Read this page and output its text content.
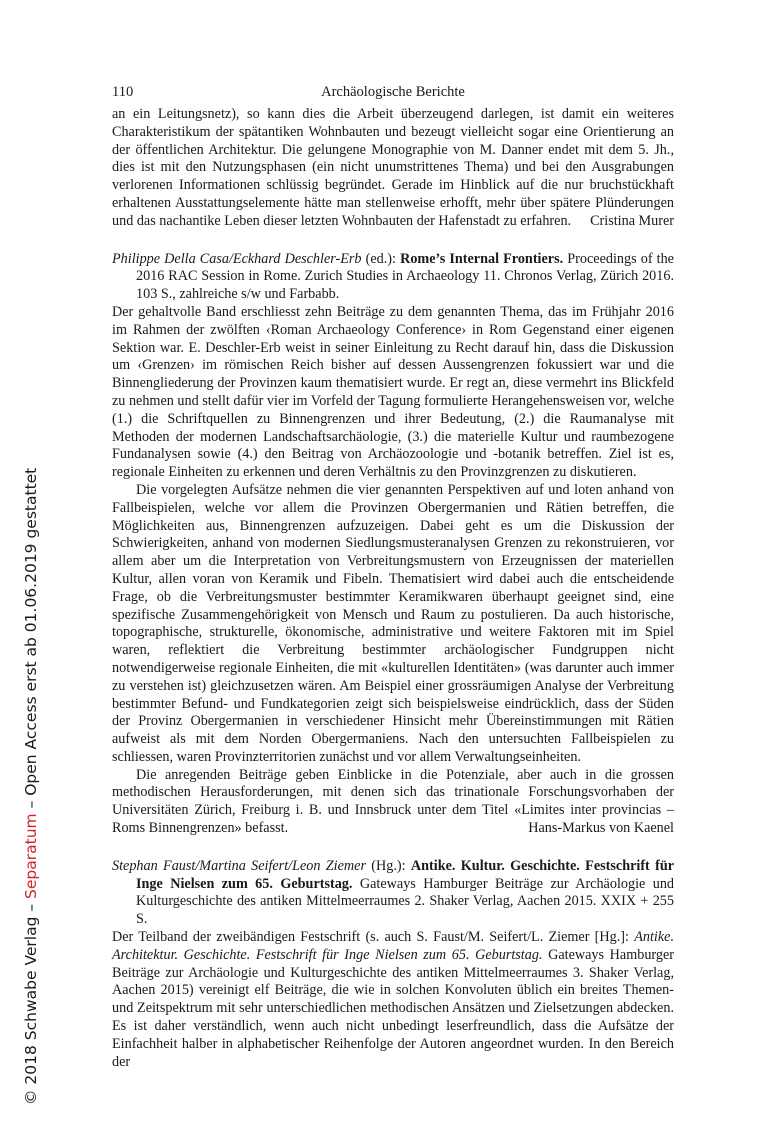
110	Archäologische Berichte

an ein Leitungsnetz), so kann dies die Arbeit überzeugend darlegen, ist damit ein weiteres Charakteristikum der spätantiken Wohnbauten und bezeugt vielleicht sogar eine Orientierung an der öffentlichen Architektur. Die gelungene Monographie von M. Danner endet mit dem 5. Jh., dies ist mit den Nutzungsphasen (ein nicht unumstrittenes Thema) und bei den Ausgrabungen verlorenen Informationen schlüssig begründet. Gerade im Hinblick auf die nur bruchstückhaft erhaltenen Ausstattungselemente hätte man stellenweise erhofft, mehr über spätere Plünderungen und das nachantike Leben dieser letzten Wohnbauten der Hafenstadt zu erfahren. Cristina Murer

Philippe Della Casa/Eckhard Deschler-Erb (ed.): Rome’s Internal Frontiers. Proceedings of the 2016 RAC Session in Rome. Zurich Studies in Archaeology 11. Chronos Verlag, Zürich 2016. 103 S., zahlreiche s/w und Farbabb.

Der gehaltvolle Band erschliesst zehn Beiträge zu dem genannten Thema, das im Frühjahr 2016 im Rahmen der zwölften ‹Roman Archaeology Conference› in Rom Gegenstand einer eigenen Sektion war. E. Deschler-Erb weist in seiner Einleitung zu Recht darauf hin, dass die Diskussion um ‹Grenzen› im römischen Reich bisher auf dessen Aussengrenzen fokussiert war und die Binnengliederung der Provinzen kaum thematisiert wurde. Er regt an, diese vermehrt ins Blickfeld zu nehmen und stellt dafür vier im Vorfeld der Tagung formulierte Herangehensweisen vor, welche (1.) die Schriftquellen zu Binnengrenzen und ihrer Bedeutung, (2.) die Raumanalyse mit Methoden der modernen Landschaftsarchäologie, (3.) die materielle Kultur und raumbezogene Fundanalysen sowie (4.) den Beitrag von Archäozoologie und -botanik betreffen. Ziel ist es, regionale Einheiten zu erkennen und deren Verhältnis zu den Provinzgrenzen zu diskutieren.

Die vorgelegten Aufsätze nehmen die vier genannten Perspektiven auf und loten anhand von Fallbeispielen, welche vor allem die Provinzen Obergermanien und Rätien betreffen, die Möglichkeiten aus, Binnengrenzen aufzuzeigen. Dabei geht es um die Diskussion der Schwierigkeiten, anhand von modernen Siedlungsmusteranalysen Grenzen zu rekonstruieren, vor allem aber um die Interpretation von Verbreitungsmustern von Erzeugnissen der materiellen Kultur, allen voran von Keramik und Fibeln. Thematisiert wird dabei auch die entscheidende Frage, ob die Verbreitungsmuster bestimmter Keramikwaren überhaupt geeignet sind, eine spezifische Zusammengehörigkeit von Mensch und Raum zu postulieren. Da auch historische, topographische, strukturelle, ökonomische, administrative und weitere Faktoren mit im Spiel waren, reflektiert die Verbreitung bestimmter archäologischer Fundgruppen nicht notwendigerweise regionale Einheiten, die mit «kulturellen Identitäten» (was darunter auch immer zu verstehen ist) gleichzusetzen wären. Am Beispiel einer grossräumigen Analyse der Verbreitung bestimmter Befund- und Fundkategorien zeigt sich beispielsweise eindrücklich, dass der Süden der Provinz Obergermanien in verschiedener Hinsicht mehr Übereinstimmungen mit Rätien aufweist als mit dem Norden Obergermaniens. Nach den untersuchten Fallbeispielen zu schliessen, waren Provinzterritorien zunächst und vor allem Verwaltungseinheiten.

Die anregenden Beiträge geben Einblicke in die Potenziale, aber auch in die grossen methodischen Herausforderungen, mit denen sich das trinationale Forschungsvorhaben der Universitäten Zürich, Freiburg i. B. und Innsbruck unter dem Titel «Limites inter provincias – Roms Binnengrenzen» befasst.	Hans-Markus von Kaenel

Stephan Faust/Martina Seifert/Leon Ziemer (Hg.): Antike. Kultur. Geschichte. Festschrift für Inge Nielsen zum 65. Geburtstag. Gateways Hamburger Beiträge zur Archäologie und Kulturgeschichte des antiken Mittelmeerraumes 2. Shaker Verlag, Aachen 2015. XXIX + 255 S.

Der Teilband der zweibändigen Festschrift (s. auch S. Faust/M. Seifert/L. Ziemer [Hg.]: Antike. Architektur. Geschichte. Festschrift für Inge Nielsen zum 65. Geburtstag. Gateways Hamburger Beiträge zur Archäologie und Kulturgeschichte des antiken Mittelmeerraumes 3. Shaker Verlag, Aachen 2015) vereinigt elf Beiträge, die wie in solchen Konvoluten üblich ein breites Themen- und Zeitspektrum mit sehr unterschiedlichen methodischen Ansätzen und Zielsetzungen abdecken. Es ist daher verständlich, wenn auch nicht unbedingt leserfreundlich, dass die Aufsätze der Einfachheit halber in alphabetischer Reihenfolge der Autoren angeordnet wurden. In den Bereich der

© 2018 Schwabe Verlag – Separatum – Open Access erst ab 01.06.2019 gestattet
